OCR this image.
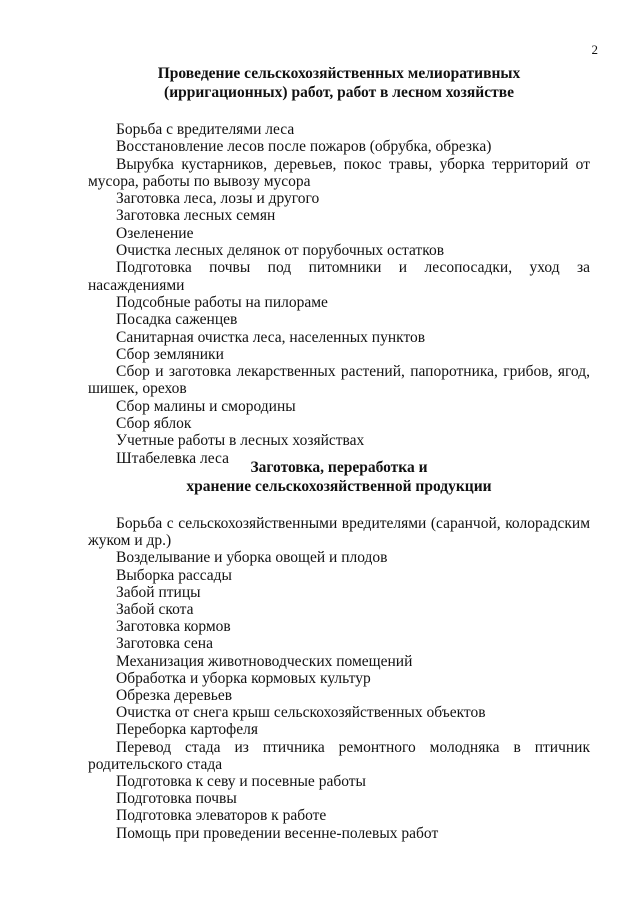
2
Проведение сельскохозяйственных мелиоративных
(ирригационных) работ, работ в лесном хозяйстве
Борьба с вредителями леса
Восстановление лесов после пожаров (обрубка, обрезка)
Вырубка кустарников, деревьев, покос травы, уборка территорий от мусора, работы по вывозу мусора
Заготовка леса, лозы и другого
Заготовка лесных семян
Озеленение
Очистка лесных делянок от порубочных остатков
Подготовка почвы под питомники и лесопосадки, уход за насаждениями
Подсобные работы на пилораме
Посадка саженцев
Санитарная очистка леса, населенных пунктов
Сбор земляники
Сбор и заготовка лекарственных растений, папоротника, грибов, ягод, шишек, орехов
Сбор малины и смородины
Сбор яблок
Учетные работы в лесных хозяйствах
Штабелевка леса
Заготовка, переработка и
хранение сельскохозяйственной продукции
Борьба с сельскохозяйственными вредителями (саранчой, колорадским жуком и др.)
Возделывание и уборка овощей и плодов
Выборка рассады
Забой птицы
Забой скота
Заготовка кормов
Заготовка сена
Механизация животноводческих помещений
Обработка и уборка кормовых культур
Обрезка деревьев
Очистка от снега крыш сельскохозяйственных объектов
Переборка картофеля
Перевод стада из птичника ремонтного молодняка в птичник родительского стада
Подготовка к севу и посевные работы
Подготовка почвы
Подготовка элеваторов к работе
Помощь при проведении весенне-полевых работ
